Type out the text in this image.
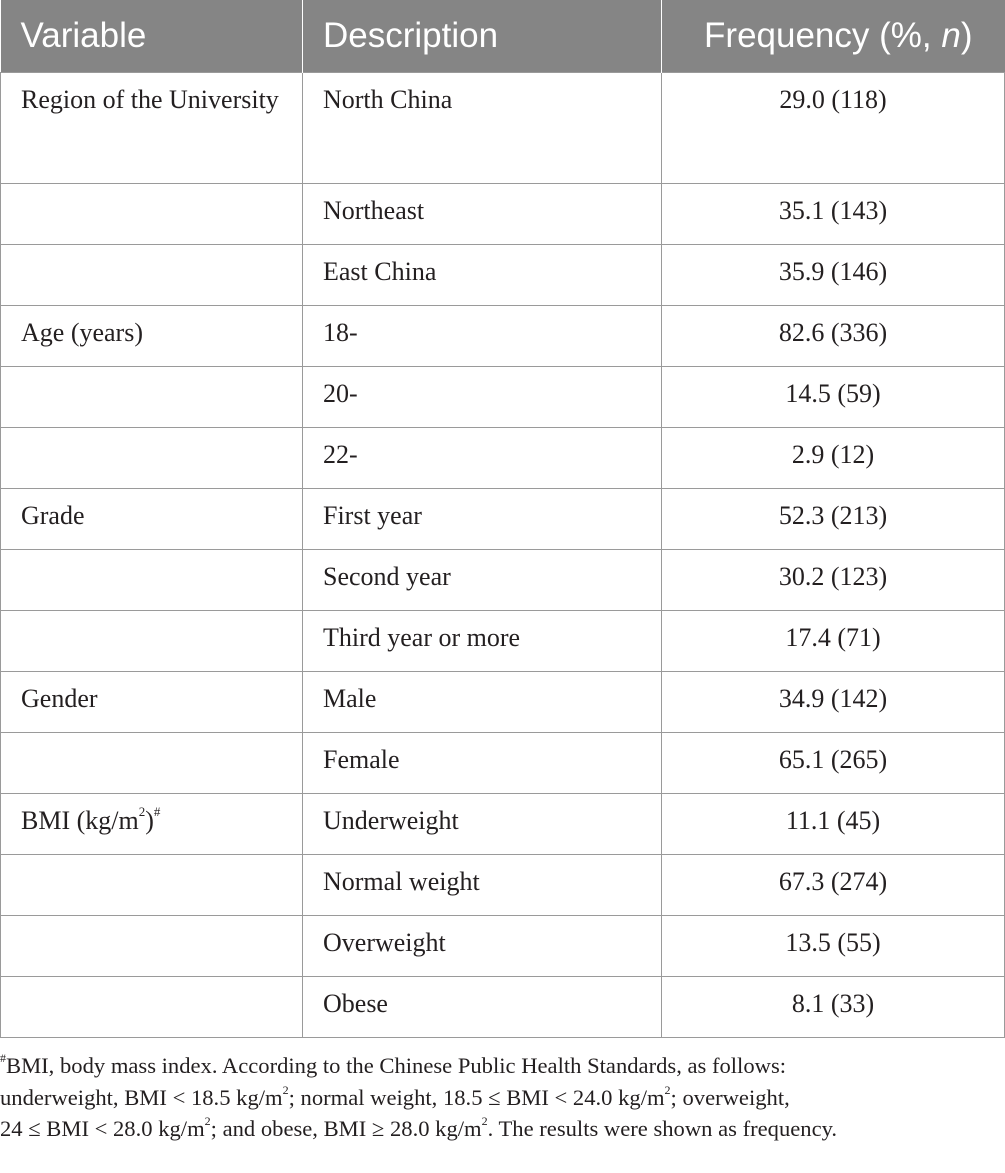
Variable	Description	Frequency (%, n)
Region of the University	North China	29.0 (118)
	Northeast	35.1 (143)
	East China	35.9 (146)
Age (years)	18-	82.6 (336)
	20-	14.5 (59)
	22-	2.9 (12)
Grade	First year	52.3 (213)
	Second year	30.2 (123)
	Third year or more	17.4 (71)
Gender	Male	34.9 (142)
	Female	65.1 (265)
BMI $(kg/m^2)^{\#}$	Underweight	11.1 (45)
	Normal weight	67.3 (274)
	Overweight	13.5 (55)
	Obese	8.1 (33)
#BMI, body mass index. According to the Chinese Public Health Standards, as follows:
underweight, BMI < 18.5 $kg/m^2$; normal weight, 18.5 ≤ BMI < 24.0 $kg/m^2$; overweight,
24 ≤ BMI < 28.0 $kg/m^2$; and obese, BMI ≥ 28.0 $kg/m^2$. The results were shown as frequency.
